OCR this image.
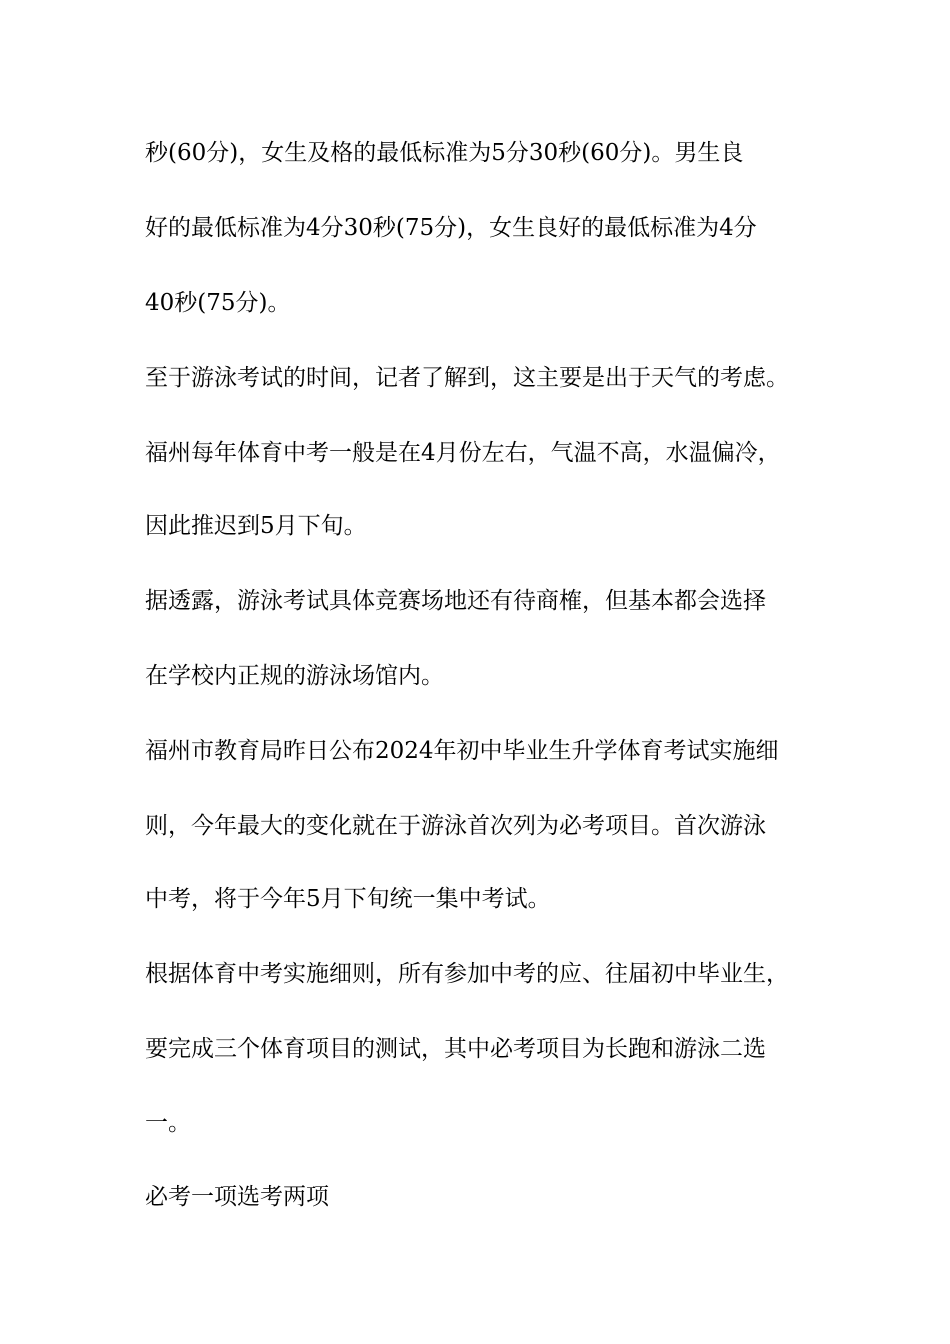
秒(60分)，女生及格的最低标准为5分30秒(60分)。男生良
好的最低标准为4分30秒(75分)，女生良好的最低标准为4分
40秒(75分)。
至于游泳考试的时间，记者了解到，这主要是出于天气的考虑。
福州每年体育中考一般是在4月份左右，气温不高，水温偏冷，
因此推迟到5月下旬。
据透露，游泳考试具体竞赛场地还有待商榷，但基本都会选择
在学校内正规的游泳场馆内。
福州市教育局昨日公布2024年初中毕业生升学体育考试实施细
则，今年最大的变化就在于游泳首次列为必考项目。首次游泳
中考，将于今年5月下旬统一集中考试。
根据体育中考实施细则，所有参加中考的应、往届初中毕业生，
要完成三个体育项目的测试，其中必考项目为长跑和游泳二选
一。
必考一项选考两项
